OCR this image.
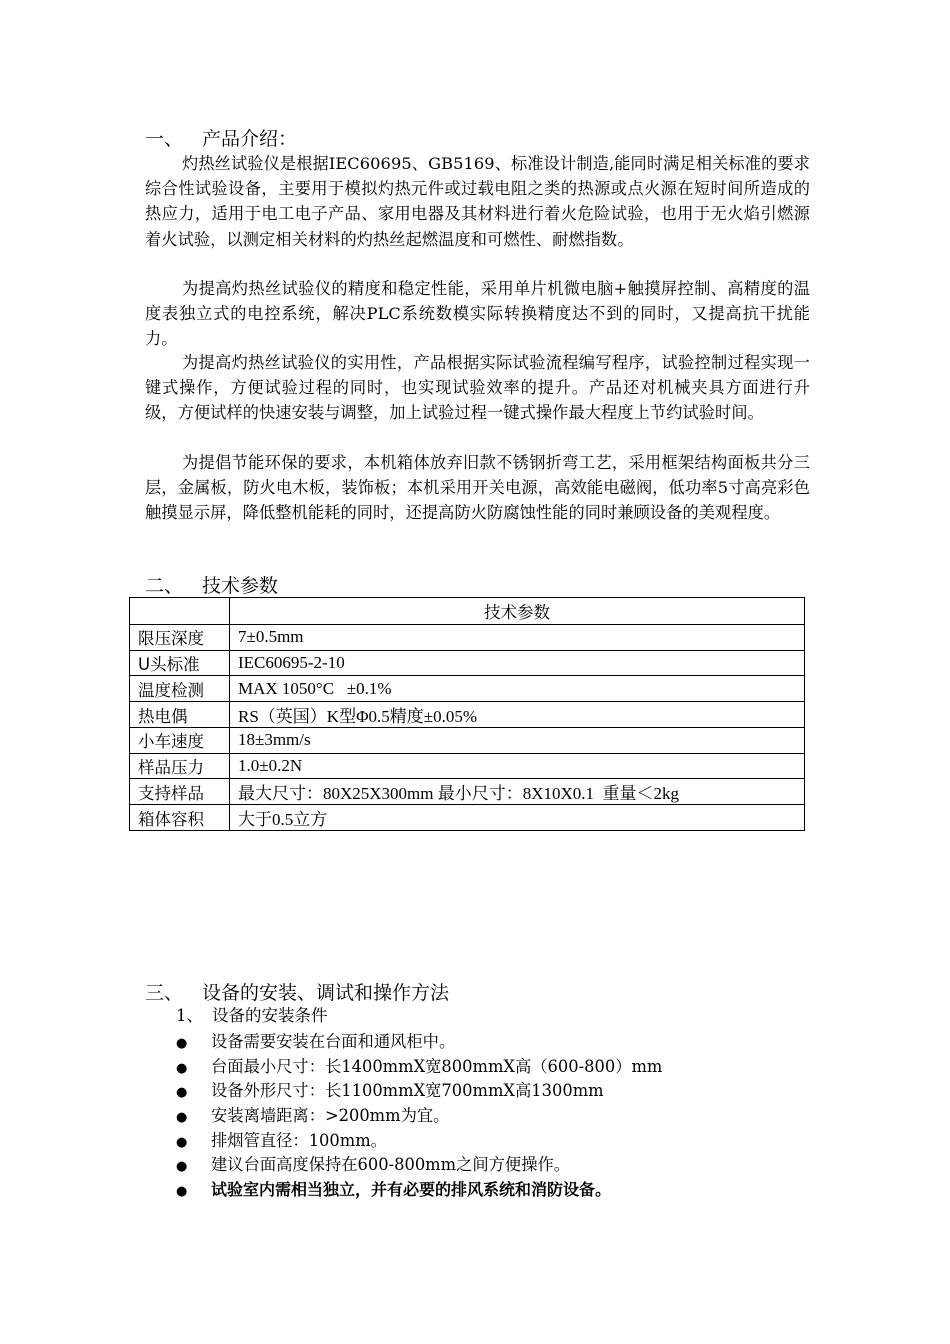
一、 产品介绍：
灼热丝试验仪是根据IEC60695、GB5169、标准设计制造,能同时满足相关标准的要求综合性试验设备，主要用于模拟灼热元件或过载电阻之类的热源或点火源在短时间所造成的热应力，适用于电工电子产品、家用电器及其材料进行着火危险试验，也用于无火焰引燃源着火试验，以测定相关材料的灼热丝起燃温度和可燃性、耐燃指数。
为提高灼热丝试验仪的精度和稳定性能，采用单片机微电脑+触摸屏控制、高精度的温度表独立式的电控系统，解决PLC系统数模实际转换精度达不到的同时，又提高抗干扰能力。
为提高灼热丝试验仪的实用性，产品根据实际试验流程编写程序，试验控制过程实现一键式操作，方便试验过程的同时，也实现试验效率的提升。产品还对机械夹具方面进行升级，方便试样的快速安装与调整，加上试验过程一键式操作最大程度上节约试验时间。
为提倡节能环保的要求，本机箱体放弃旧款不锈钢折弯工艺，采用框架结构面板共分三层，金属板，防火电木板，装饰板；本机采用开关电源，高效能电磁阀，低功率5寸高亮彩色触摸显示屏，降低整机能耗的同时，还提高防火防腐蚀性能的同时兼顾设备的美观程度。
二、 技术参数
	技术参数
限压深度	7±0.5mm
U头标准	IEC60695-2-10
温度检测	MAX 1050°C   ±0.1%
热电偶	RS（英国）K型Φ0.5精度±0.05%
小车速度	18±3mm/s
样品压力	1.0±0.2N
支持样品	最大尺寸：80X25X300mm 最小尺寸：8X10X0.1  重量＜2kg
箱体容积	大于0.5立方
三、 设备的安装、调试和操作方法
1、 设备的安装条件
● 设备需要安装在台面和通风柜中。
● 台面最小尺寸：长1400mmX宽800mmX高（600-800）mm
● 设备外形尺寸：长1100mmX宽700mmX高1300mm
● 安装离墙距离：>200mm为宜。
● 排烟管直径：100mm。
● 建议台面高度保持在600-800mm之间方便操作。
● 试验室内需相当独立，并有必要的排风系统和消防设备。
